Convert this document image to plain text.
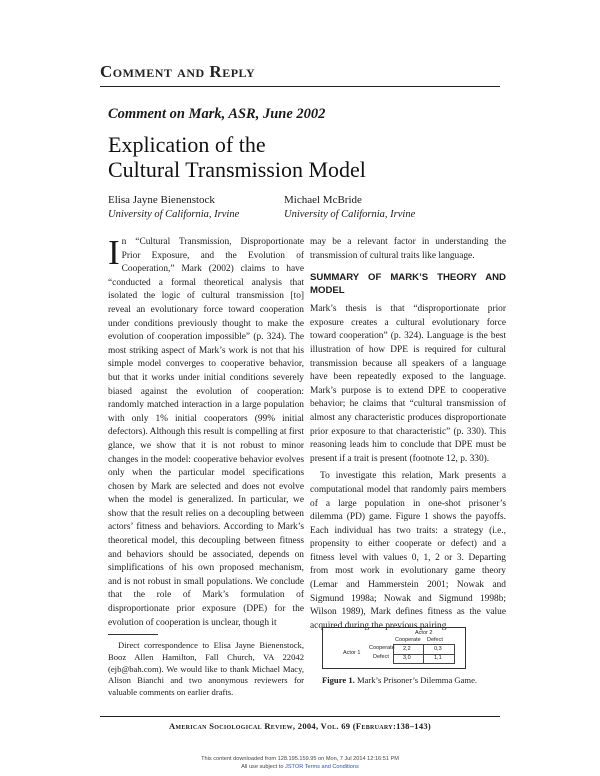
Comment and Reply
Comment on Mark, ASR, June 2002
Explication of the
Cultural Transmission Model
Elisa Jayne Bienenstock
University of California, Irvine
Michael McBride
University of California, Irvine

In “Cultural Transmission, Disproportionate Prior Exposure, and the Evolution of Cooperation,” Mark (2002) claims to have “conducted a formal theoretical analysis that isolated the logic of cultural transmission [to] reveal an evolutionary force toward cooperation under conditions previously thought to make the evolution of cooperation impossible” (p. 324). The most striking aspect of Mark’s work is not that his simple model converges to cooperative behavior, but that it works under initial conditions severely biased against the evolution of cooperation: randomly matched interaction in a large population with only 1% initial cooperators (99% initial defectors). Although this result is compelling at first glance, we show that it is not robust to minor changes in the model: cooperative behavior evolves only when the particular model specifications chosen by Mark are selected and does not evolve when the model is generalized. In particular, we show that the result relies on a decoupling between actors’ fitness and behaviors. According to Mark’s theoretical model, this decoupling between fitness and behaviors should be associated, depends on simplifications of his own proposed mechanism, and is not robust in small populations. We conclude that the role of Mark’s formulation of disproportionate prior exposure (DPE) for the evolution of cooperation is unclear, though it

may be a relevant factor in understanding the transmission of cultural traits like language.

SUMMARY OF MARK’S THEORY AND MODEL

Mark’s thesis is that “disproportionate prior exposure creates a cultural evolutionary force toward cooperation” (p. 324). Language is the best illustration of how DPE is required for cultural transmission because all speakers of a language have been repeatedly exposed to the language. Mark’s purpose is to extend DPE to cooperative behavior; he claims that “cultural transmission of almost any characteristic produces disproportionate prior exposure to that characteristic” (p. 330). This reasoning leads him to conclude that DPE must be present if a trait is present (footnote 12, p. 330).

To investigate this relation, Mark presents a computational model that randomly pairs members of a large population in one-shot prisoner’s dilemma (PD) game. Figure 1 shows the payoffs. Each individual has two traits: a strategy (i.e., propensity to either cooperate or defect) and a fitness level with values 0, 1, 2 or 3. Departing from most work in evolutionary game theory (Lemar and Hammerstein 2001; Nowak and Sigmund 1998a; Nowak and Sigmund 1998b; Wilson 1989), Mark defines fitness as the value acquired during the previous pairing

Direct correspondence to Elisa Jayne Bienenstock, Booz Allen Hamilton, Fall Church, VA 22042 (ejb@bah.com). We would like to thank Michael Macy, Alison Bianchi and two anonymous reviewers for valuable comments on earlier drafts.
Actor 2
Cooperate Defect
Actor 1
Cooperate
Defect
2,2	0,3
3,0	1,1
Figure 1. Mark’s Prisoner’s Dilemma Game.
American Sociological Review, 2004, Vol. 69 (February:138–143)
This content downloaded from 128.195.159.95 on Mon, 7 Jul 2014 12:16:51 PM
All use subject to JSTOR Terms and Conditions
